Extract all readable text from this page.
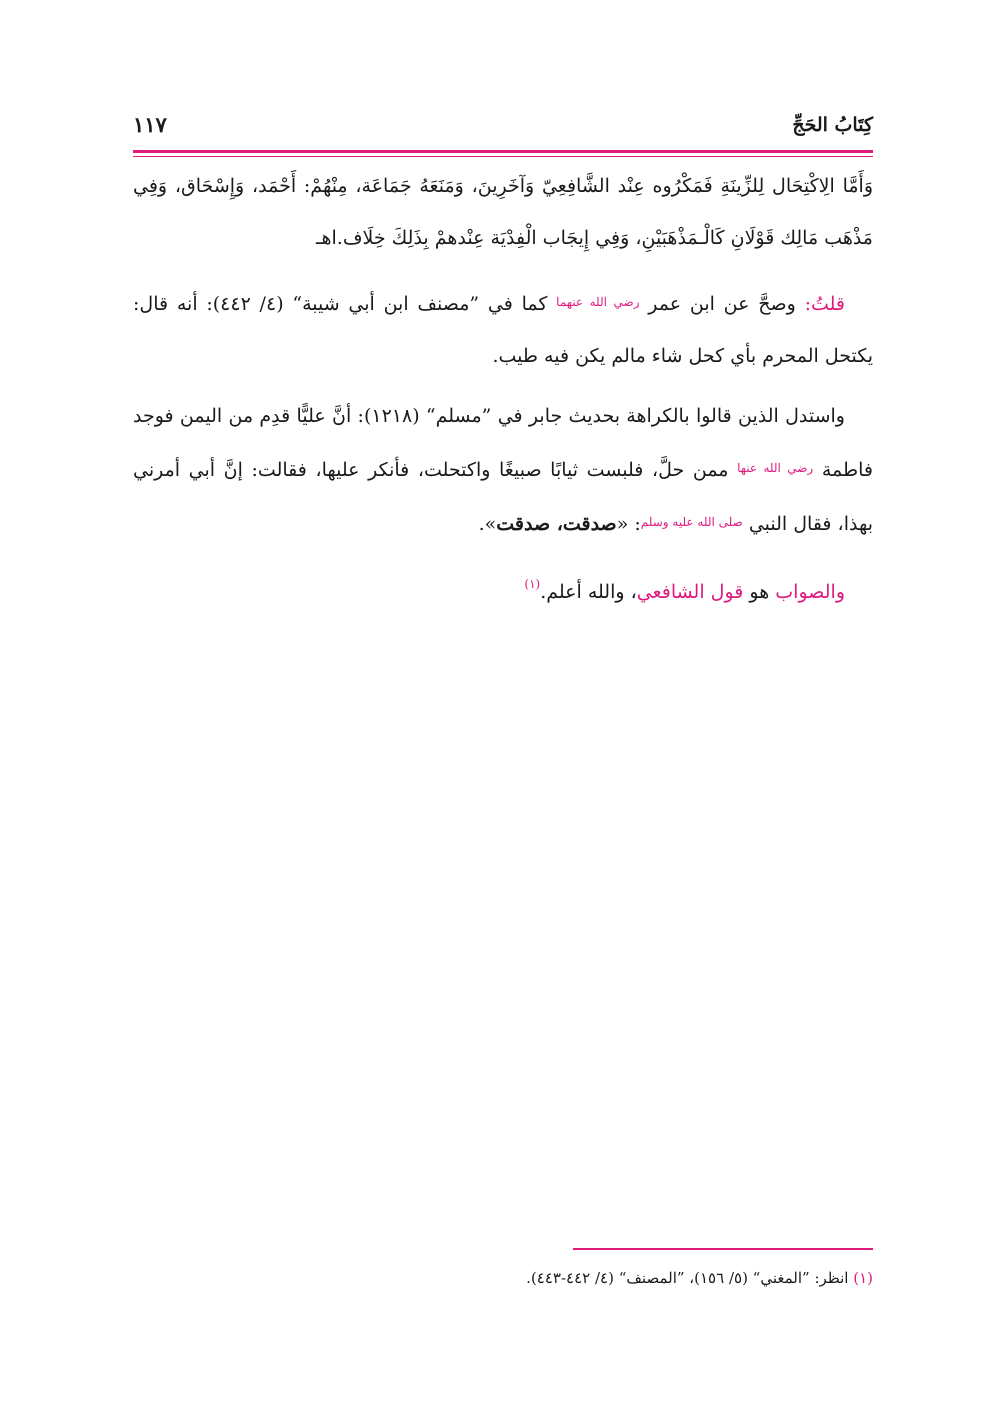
كِتَابُ الحَجِّ
١١٧

وَأَمَّا الِاكْتِحَال لِلزِّينَةِ فَمَكْرُوه عِنْد الشَّافِعِيّ وَآخَرِينَ، وَمَنَعَهُ جَمَاعَة، مِنْهُمْ: أَحْمَد، وَإِسْحَاق، وَفِي مَذْهَب مَالِك قَوْلَانِ كَالْـمَذْهَبَيْنِ، وَفِي إِيجَاب الْفِدْيَة عِنْدهمْ بِذَلِكَ خِلَاف.اهـ

قلتُ: وصحَّ عن ابن عمر $^{رضي الله عنهما}$ كما في ”مصنف ابن أبي شيبة“ (٤/ ٤٤٢): أنه قال: يكتحل المحرم بأي كحل شاء مالم يكن فيه طيب.

واستدل الذين قالوا بالكراهة بحديث جابر في ”مسلم“ (١٢١٨): أنَّ عليًّا قدِم من اليمن فوجد فاطمة $^{رضي الله عنها}$ ممن حلَّ، فلبست ثيابًا صبيغًا واكتحلت، فأنكر عليها، فقالت: إنَّ أبي أمرني بهذا، فقال النبي $^{صلى الله عليه وسلم}$: «صدقت، صدقت».

والصواب هو قول الشافعي، والله أعلم.$^{(١)}$

(١) انظر: ”المغني“ (٥/ ١٥٦)، ”المصنف“ (٤/ ٤٤٢-٤٤٣).
